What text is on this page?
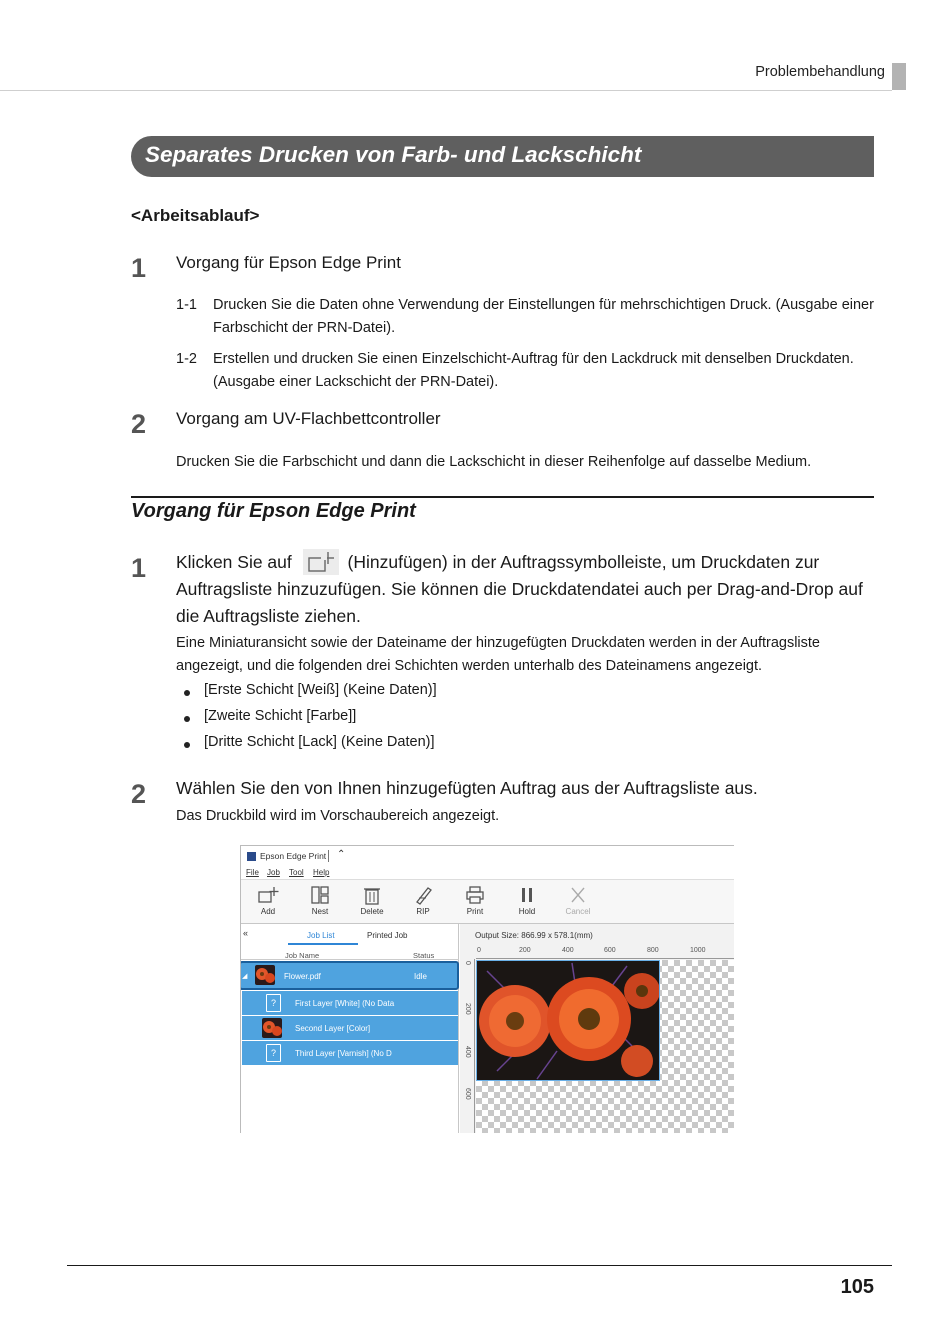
Problembehandlung
Separates Drucken von Farb- und Lackschicht
<Arbeitsablauf>
1 Vorgang für Epson Edge Print
1-1 Drucken Sie die Daten ohne Verwendung der Einstellungen für mehrschichtigen Druck. (Ausgabe einer Farbschicht der PRN-Datei).
1-2 Erstellen und drucken Sie einen Einzelschicht-Auftrag für den Lackdruck mit denselben Druckdaten. (Ausgabe einer Lackschicht der PRN-Datei).
2 Vorgang am UV-Flachbettcontroller
Drucken Sie die Farbschicht und dann die Lackschicht in dieser Reihenfolge auf dasselbe Medium.
Vorgang für Epson Edge Print
1 Klicken Sie auf	(Hinzufügen) in der Auftragssymbolleiste, um Druckdaten zur Auftragsliste hinzuzufügen. Sie können die Druckdatendatei auch per Drag-and-Drop auf die Auftragsliste ziehen.
Eine Miniaturansicht sowie der Dateiname der hinzugefügten Druckdaten werden in der Auftragsliste angezeigt, und die folgenden drei Schichten werden unterhalb des Dateinamens angezeigt.
[Erste Schicht [Weiß] (Keine Daten)]
[Zweite Schicht [Farbe]]
[Dritte Schicht [Lack] (Keine Daten)]
2 Wählen Sie den von Ihnen hinzugefügten Auftrag aus der Auftragsliste aus.
Das Druckbild wird im Vorschaubereich angezeigt.
Epson Edge Print ⌃
File Job Tool Help
Add	Nest	Delete	RIP	Print	Hold	Cancel
«	Job List	Printed Job
Job Name	Status
◢	Flower.pdf	Idle
?	First Layer [White] (No Data
Second Layer [Color]
?	Third Layer [Varnish] (No D
Output Size: 866.99 x 578.1(mm)
0	200	400	600	800	1000
0
200
400
600
105
